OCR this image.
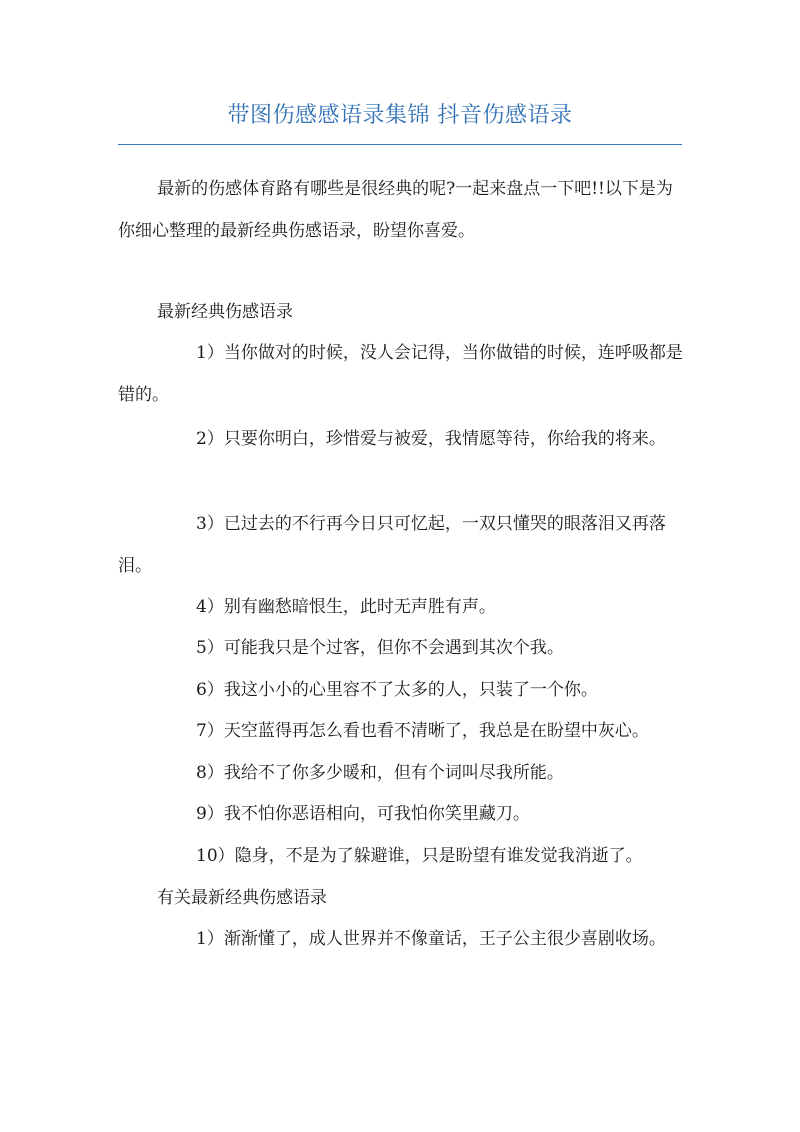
带图伤感感语录集锦 抖音伤感语录

最新的伤感体育路有哪些是很经典的呢?一起来盘点一下吧!!以下是为你细心整理的最新经典伤感语录，盼望你喜爱。

最新经典伤感语录

1）当你做对的时候，没人会记得，当你做错的时候，连呼吸都是错的。

2）只要你明白，珍惜爱与被爱，我情愿等待，你给我的将来。

3）已过去的不行再今日只可忆起，一双只懂哭的眼落泪又再落泪。

4）别有幽愁暗恨生，此时无声胜有声。

5）可能我只是个过客，但你不会遇到其次个我。

6）我这小小的心里容不了太多的人，只装了一个你。

7）天空蓝得再怎么看也看不清晰了，我总是在盼望中灰心。

8）我给不了你多少暖和，但有个词叫尽我所能。

9）我不怕你恶语相向，可我怕你笑里藏刀。

10）隐身，不是为了躲避谁，只是盼望有谁发觉我消逝了。

有关最新经典伤感语录

1）渐渐懂了，成人世界并不像童话，王子公主很少喜剧收场。
